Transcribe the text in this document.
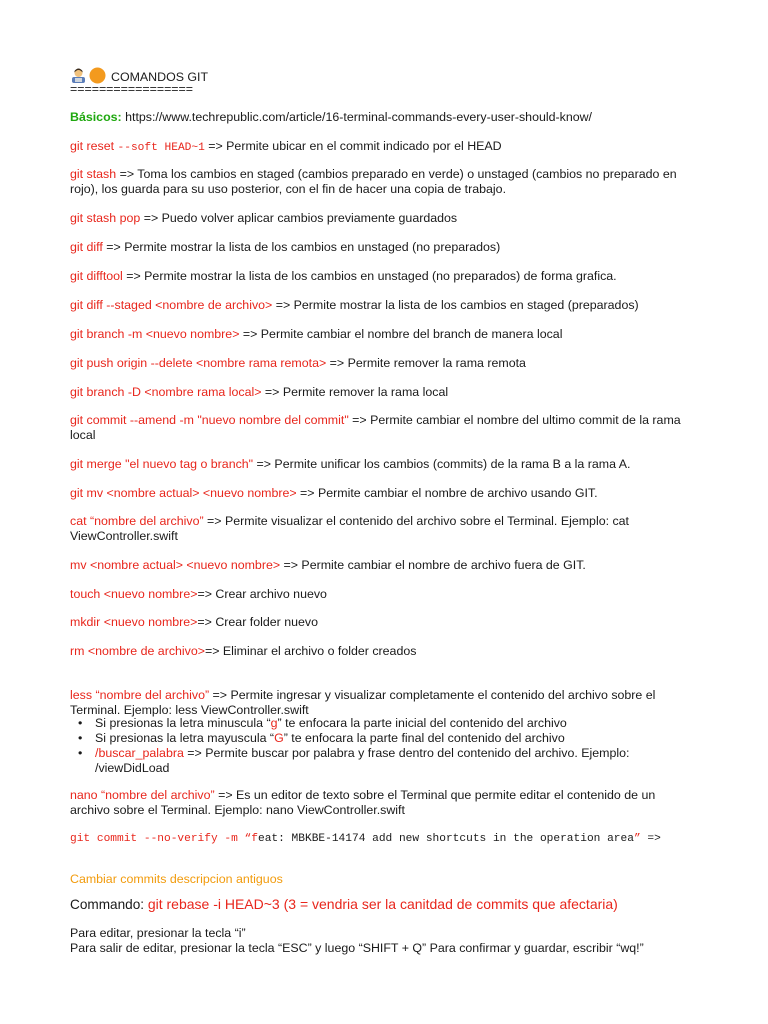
COMANDOS GIT
=================
Básicos: https://www.techrepublic.com/article/16-terminal-commands-every-user-should-know/
git reset --soft HEAD~1 => Permite ubicar en el commit indicado por el HEAD
git stash => Toma los cambios en staged (cambios preparado en verde) o unstaged (cambios no preparado en rojo), los guarda para su uso posterior, con el fin de hacer una copia de trabajo.
git stash pop => Puedo volver aplicar cambios previamente guardados
git diff => Permite mostrar la lista de los cambios en unstaged (no preparados)
git difftool => Permite mostrar la lista de los cambios en unstaged (no preparados) de forma grafica.
git diff --staged <nombre de archivo> => Permite mostrar la lista de los cambios en staged (preparados)
git branch -m <nuevo nombre> => Permite cambiar el nombre del branch de manera local
git push origin --delete <nombre rama remota> => Permite remover la rama remota
git branch -D <nombre rama local> => Permite remover la rama local
git commit --amend -m "nuevo nombre del commit" => Permite cambiar el nombre del ultimo commit de la rama local
git merge "el nuevo tag o branch" => Permite unificar los cambios (commits) de la rama B a la rama A.
git mv <nombre actual> <nuevo nombre> => Permite cambiar el nombre de archivo usando GIT.
cat “nombre del archivo” => Permite visualizar el contenido del archivo sobre el Terminal. Ejemplo: cat ViewController.swift
mv <nombre actual> <nuevo nombre> => Permite cambiar el nombre de archivo fuera de GIT.
touch <nuevo nombre>=> Crear archivo nuevo
mkdir <nuevo nombre>=> Crear folder nuevo
rm <nombre de archivo>=> Eliminar el archivo o folder creados
less “nombre del archivo” => Permite ingresar y visualizar completamente el contenido del archivo sobre el Terminal. Ejemplo: less ViewController.swift
• Si presionas la letra minuscula “g” te enfocara la parte inicial del contenido del archivo
• Si presionas la letra mayuscula “G” te enfocara la parte final del contenido del archivo
• /buscar_palabra => Permite buscar por palabra y frase dentro del contenido del archivo. Ejemplo: /viewDidLoad
nano “nombre del archivo” => Es un editor de texto sobre el Terminal que permite editar el contenido de un archivo sobre el Terminal. Ejemplo: nano ViewController.swift
git commit --no-verify -m “feat: MBKBE-14174 add new shortcuts in the operation area” =>
Cambiar commits descripcion antiguos
Commando: git rebase -i HEAD~3 (3 = vendria ser la canitdad de commits que afectaria)
Para editar, presionar la tecla “i”
Para salir de editar, presionar la tecla “ESC” y luego “SHIFT + Q” Para confirmar y guardar, escribir “wq!”
